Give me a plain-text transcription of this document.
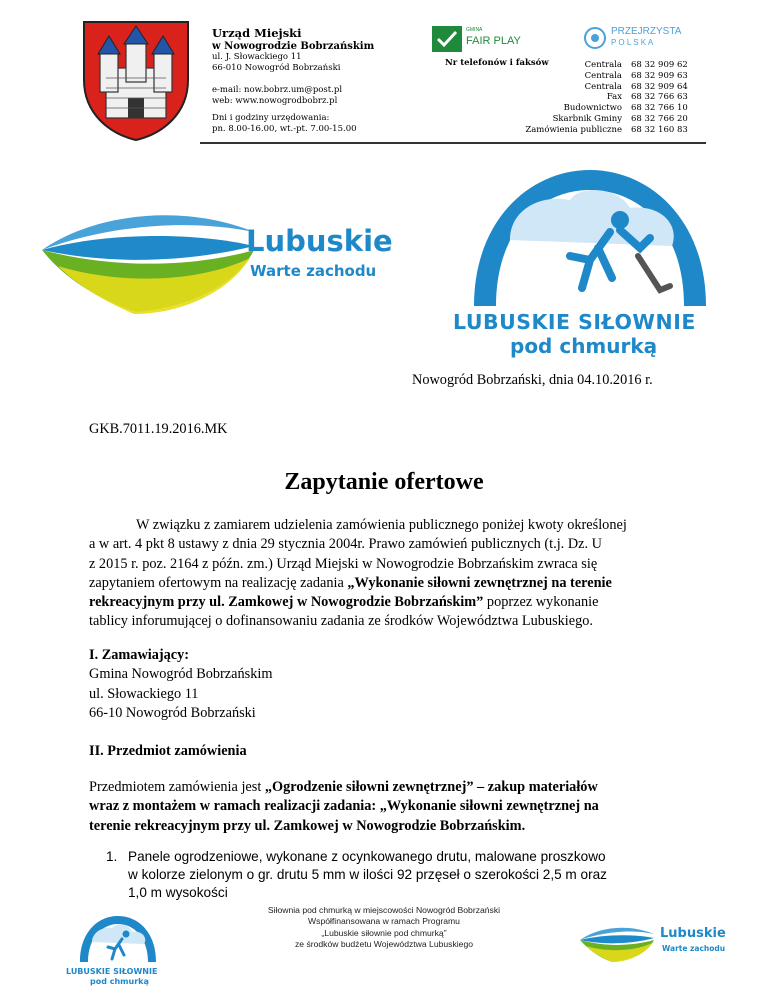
Urząd Miejski
w Nowogrodzie Bobrzańskim
ul. J. Słowackiego 11
66-010 Nowogród Bobrzański
e-mail: now.bobrz.um@post.pl
web: www.nowogrodbobrz.pl
Dni i godziny urzędowania:
pn. 8.00-16.00, wt.-pt. 7.00-15.00
GMINA
FAIR PLAY
PRZEJRZYSTA
P O L S K A
Nr telefonów i faksów	Centrala 68 32 909 62
Centrala 68 32 909 63
Centrala 68 32 909 64
Fax 68 32 766 63
Budownictwo 68 32 766 10
Skarbnik Gminy 68 32 766 20
Zamówienia publiczne 68 32 160 83
Lubuskie
Warte zachodu
LUBUSKIE SIŁOWNIE
pod chmurką
Nowogród Bobrzański, dnia 04.10.2016 r.
GKB.7011.19.2016.MK
Zapytanie ofertowe
W związku z zamiarem udzielenia zamówienia publicznego poniżej kwoty określonej
a w art. 4 pkt 8 ustawy z dnia 29 stycznia 2004r. Prawo zamówień publicznych (t.j. Dz. U
z 2015 r. poz. 2164 z późn. zm.) Urząd Miejski w Nowogrodzie Bobrzańskim zwraca się
zapytaniem ofertowym na realizację zadania „Wykonanie siłowni zewnętrznej na terenie
rekreacyjnym przy ul. Zamkowej w Nowogrodzie Bobrzańskim” poprzez wykonanie
tablicy inforumującej o dofinansowaniu zadania ze środków Województwa Lubuskiego.
I. Zamawiający:
Gmina Nowogród Bobrzańskim
ul. Słowackiego 11
66-10 Nowogród Bobrzański
II. Przedmiot zamówienia
Przedmiotem zamówienia jest „Ogrodzenie siłowni zewnętrznej” – zakup materiałów
wraz z montażem w ramach realizacji zadania: „Wykonanie siłowni zewnętrznej na
terenie rekreacyjnym przy ul. Zamkowej w Nowogrodzie Bobrzańskim.
1. Panele ogrodzeniowe, wykonane z ocynkowanego drutu, malowane proszkowo
w kolorze zielonym o gr. drutu 5 mm w ilości 92 przęseł o szerokości 2,5 m oraz
1,0 m wysokości
LUBUSKIE SIŁOWNIE
pod chmurką
Siłownia pod chmurką w miejscowości Nowogród Bobrzański
Współfinansowana w ramach Programu
„Lubuskie siłownie pod chmurką”
ze środków budżetu Województwa Lubuskiego
Lubuskie
Warte zachodu
